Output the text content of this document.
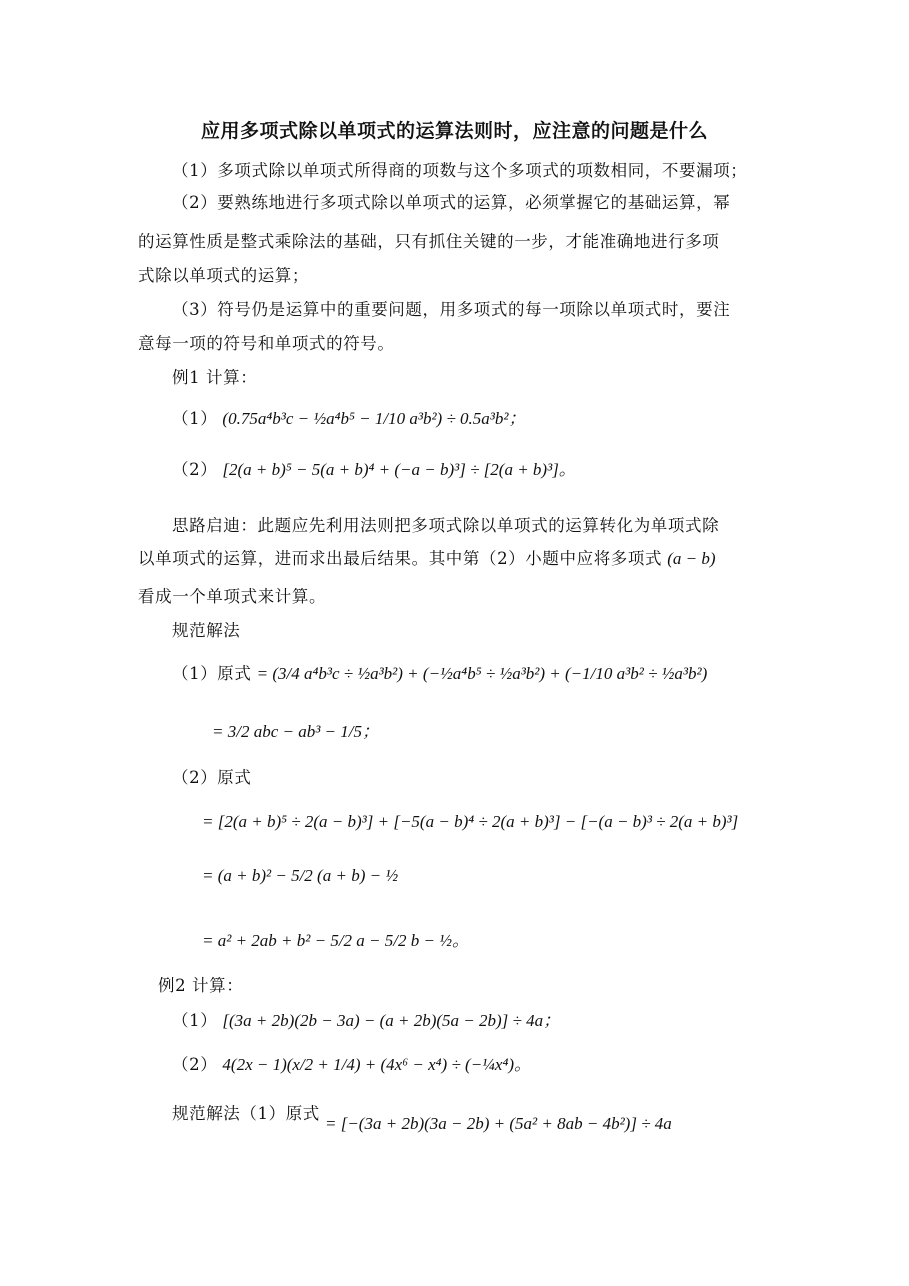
应用多项式除以单项式的运算法则时，应注意的问题是什么
（1）多项式除以单项式所得商的项数与这个多项式的项数相同，不要漏项；
（2）要熟练地进行多项式除以单项式的运算，必须掌握它的基础运算，幂
的运算性质是整式乘除法的基础，只有抓住关键的一步，才能准确地进行多项
式除以单项式的运算；
（3）符号仍是运算中的重要问题，用多项式的每一项除以单项式时，要注
意每一项的符号和单项式的符号。
例1 计算：
（1） (0.75a⁴b³c − ½a⁴b⁵ − 1/10 a³b²) ÷ 0.5a³b²；
（2） [2(a + b)⁵ − 5(a + b)⁴ + (−a − b)³] ÷ [2(a + b)³]。
思路启迪：此题应先利用法则把多项式除以单项式的运算转化为单项式除
以单项式的运算，进而求出最后结果。其中第（2）小题中应将多项式 (a − b)
看成一个单项式来计算。
规范解法
（1）原式 = (3/4 a⁴b³c ÷ ½a³b²) + (−½a⁴b⁵ ÷ ½a³b²) + (−1/10 a³b² ÷ ½a³b²)
= 3/2 abc − ab³ − 1/5；
（2）原式
= [2(a + b)⁵ ÷ 2(a − b)³] + [−5(a − b)⁴ ÷ 2(a + b)³] − [−(a − b)³ ÷ 2(a + b)³]
= (a + b)² − 5/2 (a + b) − ½
= a² + 2ab + b² − 5/2 a − 5/2 b − ½。
例2 计算：
（1） [(3a + 2b)(2b − 3a) − (a + 2b)(5a − 2b)] ÷ 4a；
（2） 4(2x − 1)(x/2 + 1/4) + (4x⁶ − x⁴) ÷ (−¼x⁴)。
规范解法（1）原式 = [−(3a + 2b)(3a − 2b) + (5a² + 8ab − 4b²)] ÷ 4a
